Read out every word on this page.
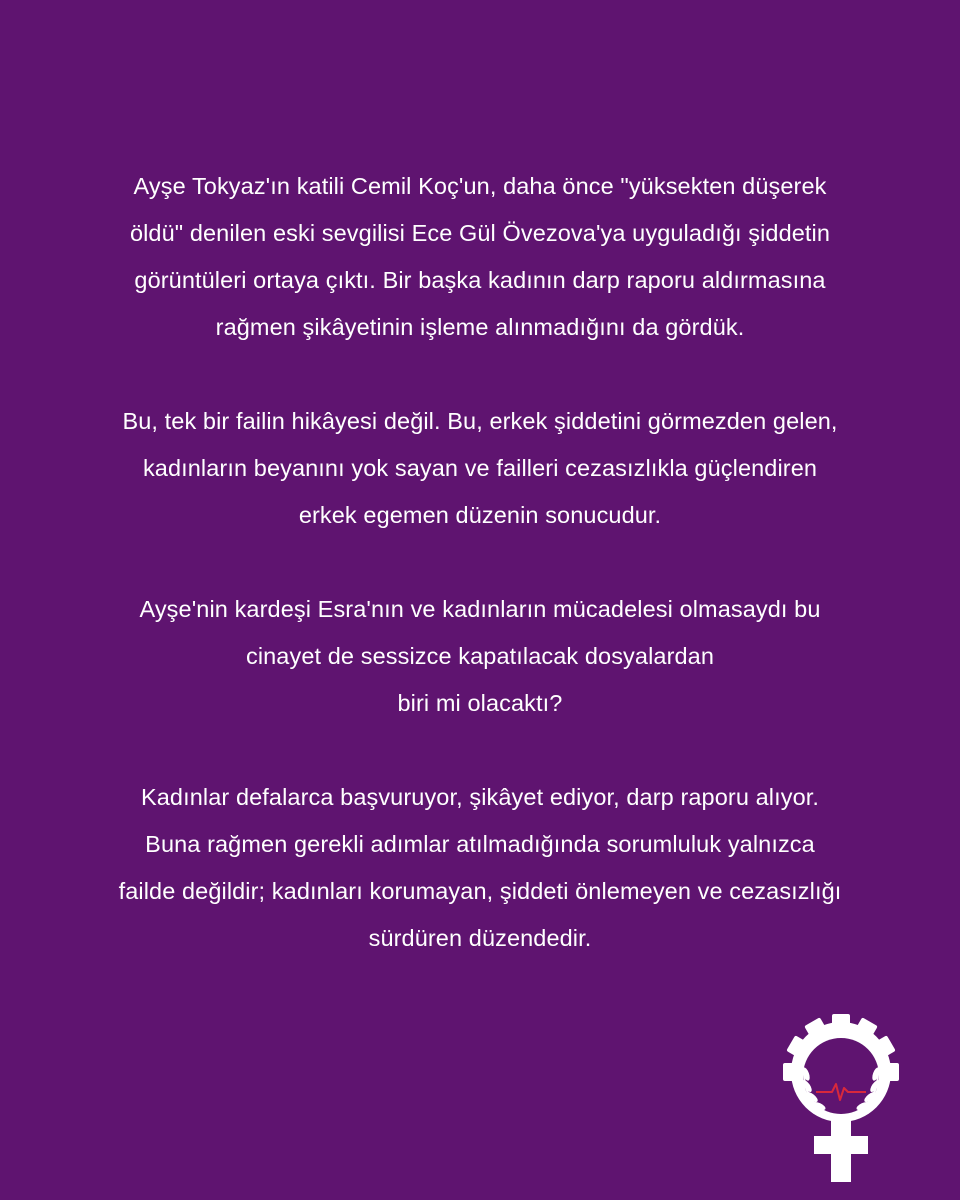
Ayşe Tokyaz'ın katili Cemil Koç'un, daha önce "yüksekten düşerek
öldü" denilen eski sevgilisi Ece Gül Övezova'ya uyguladığı şiddetin
görüntüleri ortaya çıktı. Bir başka kadının darp raporu aldırmasına
rağmen şikâyetinin işleme alınmadığını da gördük.

Bu, tek bir failin hikâyesi değil. Bu, erkek şiddetini görmezden gelen,
kadınların beyanını yok sayan ve failleri cezasızlıkla güçlendiren
erkek egemen düzenin sonucudur.

Ayşe'nin kardeşi Esra'nın ve kadınların mücadelesi olmasaydı bu
cinayet de sessizce kapatılacak dosyalardan
biri mi olacaktı?

Kadınlar defalarca başvuruyor, şikâyet ediyor, darp raporu alıyor.
Buna rağmen gerekli adımlar atılmadığında sorumluluk yalnızca
failde değildir; kadınları korumayan, şiddeti önlemeyen ve cezasızlığı
sürdüren düzendedir.
